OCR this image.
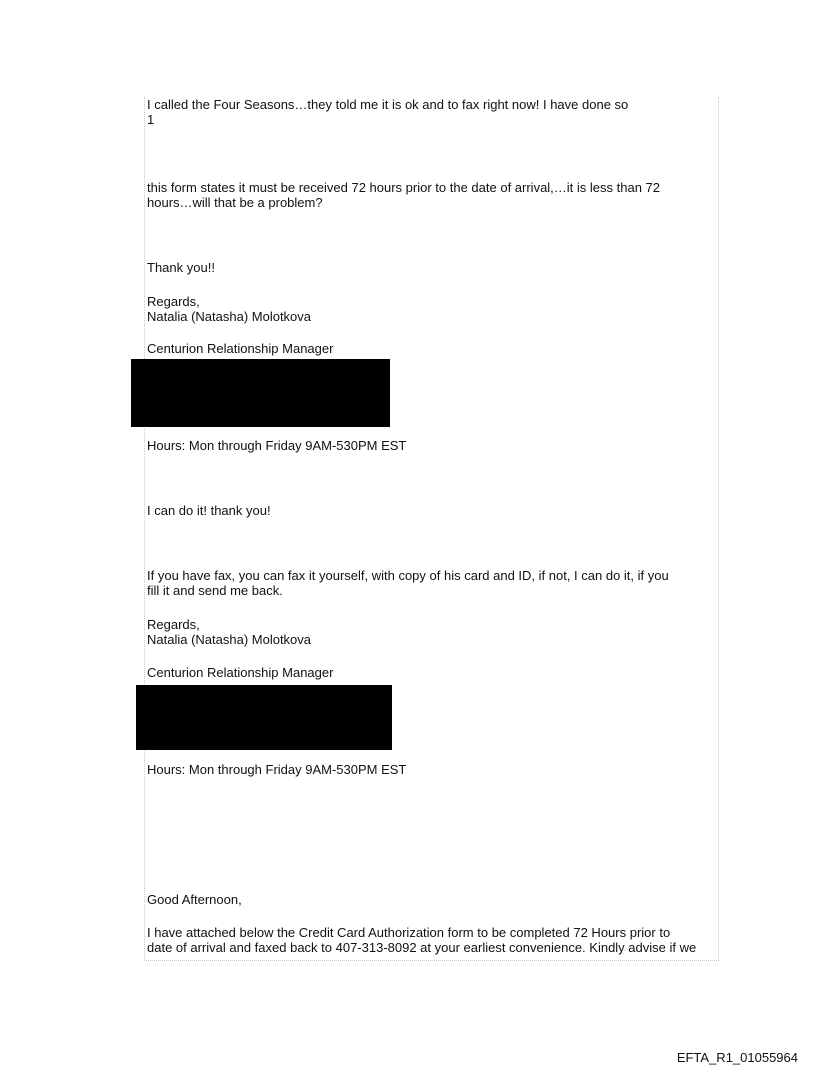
I called the Four Seasons…they told me it is ok and to fax right now! I have done so

1

this form states it must be received 72 hours prior to the date of arrival,…it is less than 72

hours…will that be a problem?

Thank you!!

Regards,

Natalia (Natasha) Molotkova

Centurion Relationship Manager

Hours: Mon through Friday 9AM-530PM EST

I can do it! thank you!

If you have fax, you can fax it yourself, with copy of his card and ID, if not, I can do it, if you

fill it and send me back.

Regards,

Natalia (Natasha) Molotkova

Centurion Relationship Manager

Hours: Mon through Friday 9AM-530PM EST

Good Afternoon,

I have attached below the Credit Card Authorization form to be completed 72 Hours prior to

date of arrival and faxed back to 407-313-8092 at your earliest convenience. Kindly advise if we

EFTA_R1_01055964
